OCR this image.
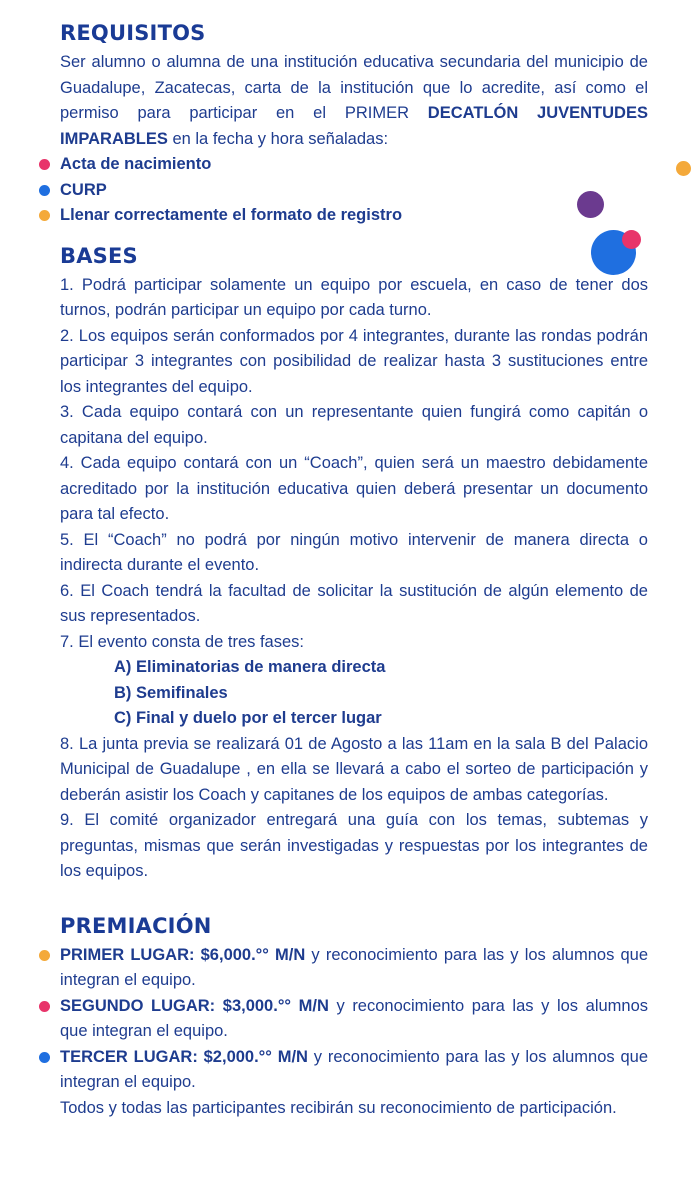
REQUISITOS

Ser alumno o alumna de una institución educativa secundaria del municipio de Guadalupe, Zacatecas, carta de la institución que lo acredite, así como el permiso para participar en el PRIMER DECATLÓN JUVENTUDES IMPARABLES en la fecha y hora señaladas:

Acta de nacimiento
CURP
Llenar correctamente el formato de registro
BASES

1. Podrá participar solamente un equipo por escuela, en caso de tener dos turnos, podrán participar un equipo por cada turno.

2. Los equipos serán conformados por 4 integrantes, durante las rondas podrán participar 3 integrantes con posibilidad de realizar hasta 3 sustituciones entre los integrantes del equipo.

3. Cada equipo contará con un representante quien fungirá como capitán o capitana del equipo.

4. Cada equipo contará con un “Coach”, quien será un maestro debidamente acreditado por la institución educativa quien deberá presentar un documento para tal efecto.

5. El “Coach” no podrá por ningún motivo intervenir de manera directa o indirecta durante el evento.

6. El Coach tendrá la facultad de solicitar la sustitución de algún elemento de sus representados.

7. El evento consta de tres fases:

A) Eliminatorias de manera directa
B) Semifinales
C) Final y duelo por el tercer lugar

8. La junta previa se realizará 01 de Agosto a las 11am en la sala B del Palacio Municipal de Guadalupe , en ella se llevará a cabo el sorteo de participación y deberán asistir los Coach y capitanes de los equipos de ambas categorías.

9. El comité organizador entregará una guía con los temas, subtemas y preguntas, mismas que serán investigadas y respuestas por los integrantes de los equipos.

PREMIACIÓN
PRIMER LUGAR: $6,000.°° M/N y reconocimiento para las y los alumnos que integran el equipo.
SEGUNDO LUGAR: $3,000.°° M/N y reconocimiento para las y los alumnos que integran el equipo.
TERCER LUGAR: $2,000.°° M/N y reconocimiento para las y los alumnos que integran el equipo.

Todos y todas las participantes recibirán su reconocimiento de participación.
